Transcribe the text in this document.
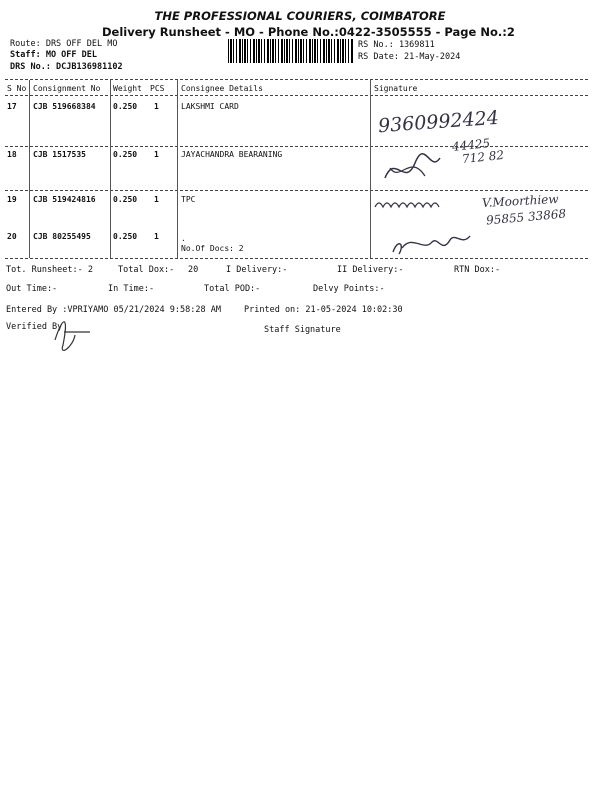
THE PROFESSIONAL COURIERS, COIMBATORE
Delivery Runsheet - MO - Phone No.:0422-3505555 - Page No.:2
Route: DRS OFF DEL MO
Staff: MO OFF DEL
DRS No.: DCJB136981102
RS No.: 1369811
RS Date: 21-May-2024
S No Consignment No Weight PCS Consignee Details	Signature
17 CJB 519668384 0.250 1	LAKSHMI CARD
18 CJB 1517535	0.250 1	JAYACHANDRA BEARANING
19 CJB 519424816 0.250 1	TPC
20 CJB 80255495	0.250 1	.
No.Of Docs: 2
9360992424
44425
712 82
V.Moorthiew
95855 33868
Tot. Runsheet:- 2	Total Dox:- 20	I Delivery:-	II Delivery:-	RTN Dox:-
Out Time:-	In Time:-	Total POD:-	Delvy Points:-
Entered By :VPRIYAMO 05/21/2024 9:58:28 AM	Printed on: 21-05-2024 10:02:30
Verified By	Staff Signature
